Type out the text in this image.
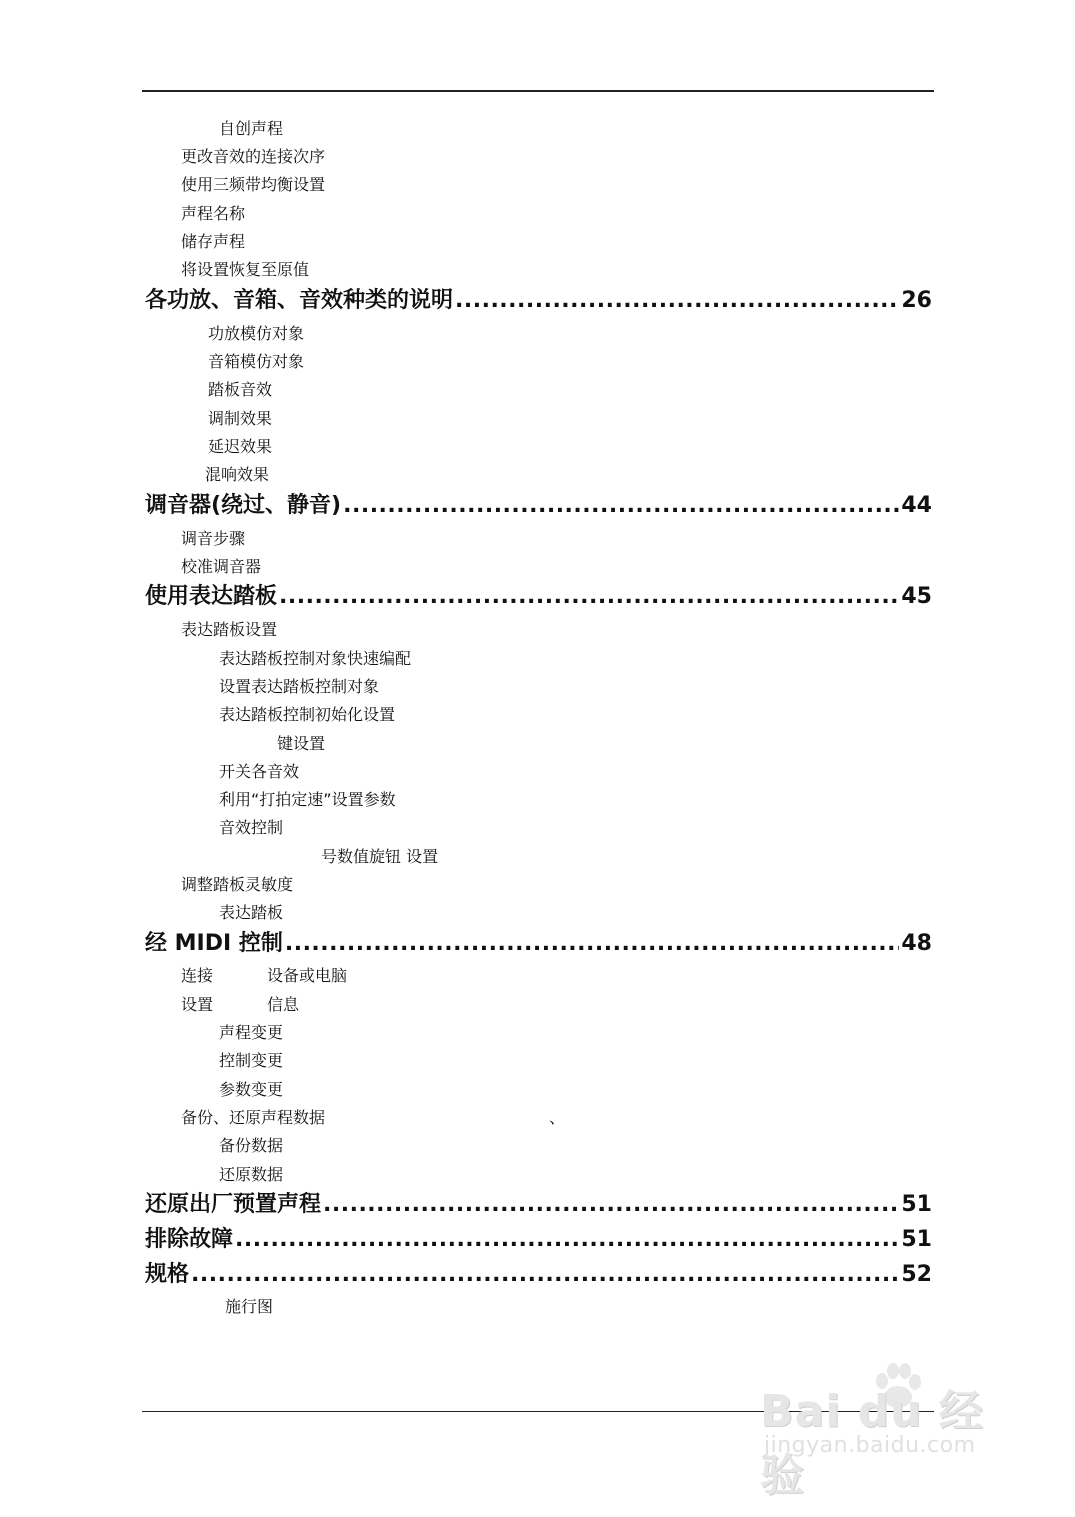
自创声程
更改音效的连接次序
使用三频带均衡设置
声程名称
储存声程
将设置恢复至原值
各功放、音箱、音效种类的说明 .....	26
功放模仿对象
音箱模仿对象
踏板音效
调制效果
延迟效果
混响效果
调音器(绕过、静音) .....	44
调音步骤
校准调音器
使用表达踏板 .....	45
表达踏板设置
表达踏板控制对象快速编配
设置表达踏板控制对象
表达踏板控制初始化设置
键设置
开关各音效
利用“打拍定速”设置参数
音效控制
号数值旋钮 设置
调整踏板灵敏度
表达踏板
经 MIDI 控制 .....	48
连接	设备或电脑
设置	信息
声程变更
控制变更
参数变更
备份、还原声程数据	、
备份数据
还原数据
还原出厂预置声程 .....	51
排除故障 .....	51
规格 .....	52
施行图
Bai du 经验
jingyan.baidu.com
